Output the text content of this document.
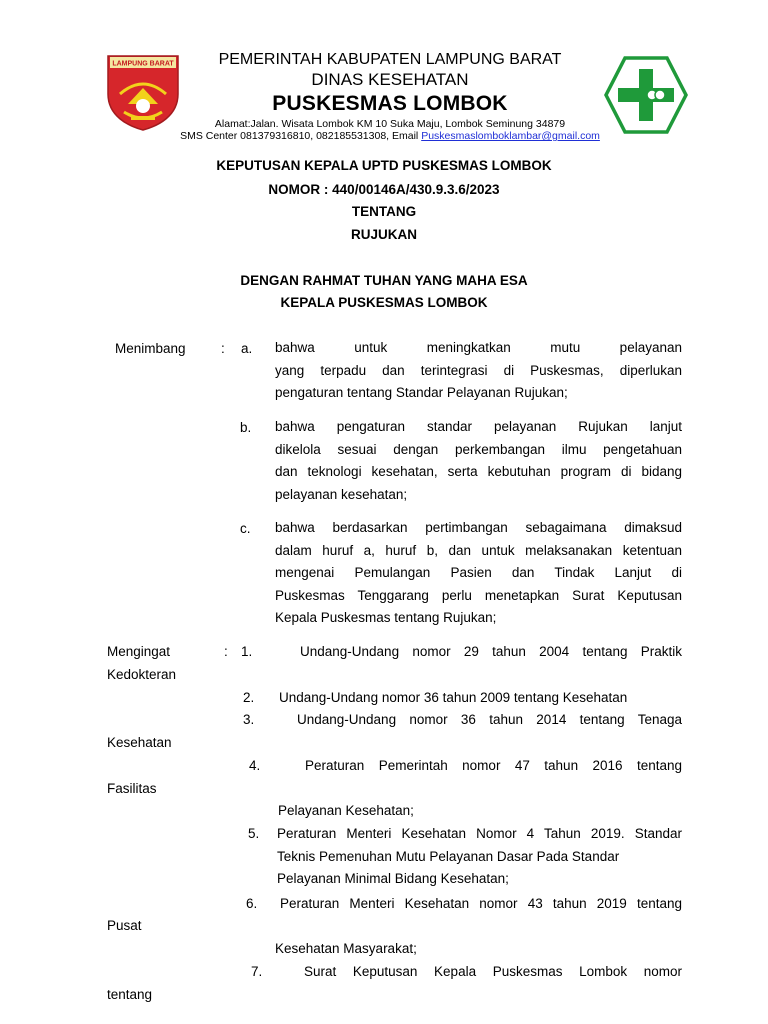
LAMPUNG BARAT	PEMERINTAH KABUPATEN LAMPUNG BARAT
DINAS KESEHATAN
PUSKESMAS LOMBOK
Alamat:Jalan. Wisata Lombok KM 10 Suka Maju, Lombok Seminung 34879
SMS Center 081379316810, 082185531308, Email Puskesmaslomboklambar@gmail.com
KEPUTUSAN KEPALA UPTD PUSKESMAS LOMBOK
NOMOR : 440/00146A/430.9.3.6/2023
TENTANG
RUJUKAN
DENGAN RAHMAT TUHAN YANG MAHA ESA
KEPALA PUSKESMAS LOMBOK
Menimbang	: a. bahwa untuk meningkatkan mutu pelayanan
yang terpadu dan terintegrasi di Puskesmas, diperlukan
pengaturan tentang Standar Pelayanan Rujukan;
b. bahwa pengaturan standar pelayanan Rujukan lanjut
dikelola sesuai dengan perkembangan ilmu pengetahuan
dan teknologi kesehatan, serta kebutuhan program di bidang
pelayanan kesehatan;
c. bahwa berdasarkan pertimbangan sebagaimana dimaksud
dalam huruf a, huruf b, dan untuk melaksanakan ketentuan
mengenai Pemulangan Pasien dan Tindak Lanjut di
Puskesmas Tenggarang perlu menetapkan Surat Keputusan
Kepala Puskesmas tentang Rujukan;
Mengingat	: 1.	Undang-Undang nomor 29 tahun 2004 tentang Praktik
Kedokteran
2. Undang-Undang nomor 36 tahun 2009 tentang Kesehatan
3.	Undang-Undang nomor 36 tahun 2014 tentang Tenaga
Kesehatan
4.	Peraturan Pemerintah nomor 47 tahun 2016 tentang
Fasilitas
Pelayanan Kesehatan;
5. Peraturan Menteri Kesehatan Nomor 4 Tahun 2019. Standar
Teknis Pemenuhan Mutu Pelayanan Dasar Pada Standar
Pelayanan Minimal Bidang Kesehatan;
6. Peraturan Menteri Kesehatan nomor 43 tahun 2019 tentang
Pusat
Kesehatan Masyarakat;
7.	Surat Keputusan Kepala Puskesmas Lombok nomor
tentang
